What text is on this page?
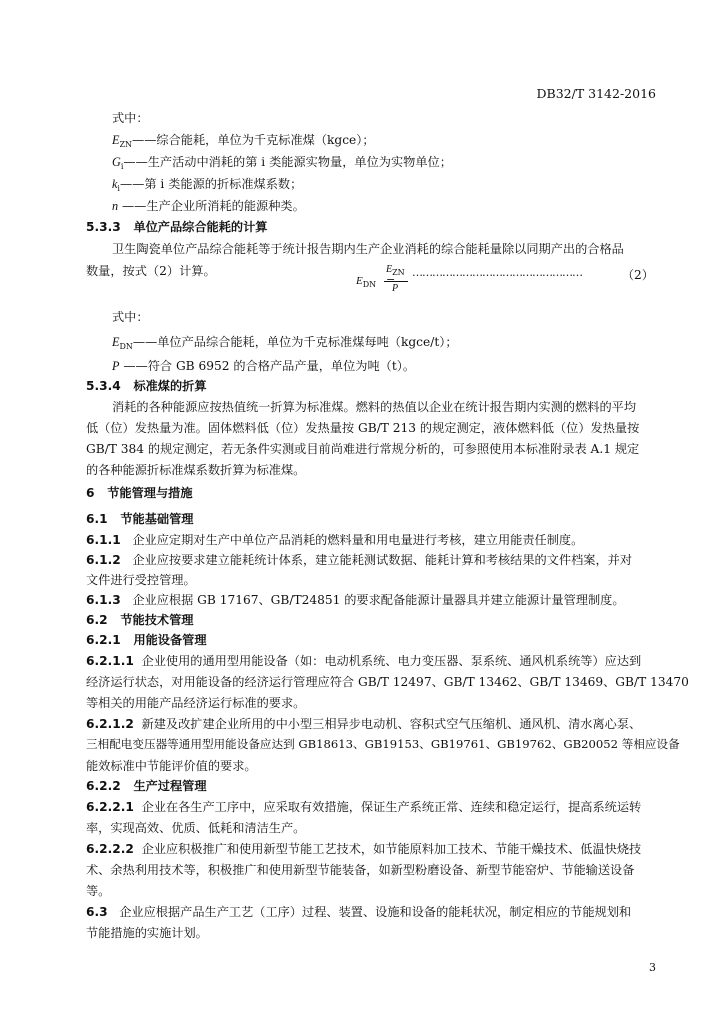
DB32/T 3142-2016
式中：
$E_{ZN}——$综合能耗，单位为千克标准煤（kgce）；
$G_i——$生产活动中消耗的第 i 类能源实物量，单位为实物单位；
$k_i——$第 i 类能源的折标准煤系数；
n ——生产企业所消耗的能源种类。
5.3.3 单位产品综合能耗的计算
卫生陶瓷单位产品综合能耗等于统计报告期内生产企业消耗的综合能耗量除以同期产出的合格品
数量，按式（2）计算。
$E_{DN}$
$E_{ZN}$
P
……………………………………………	（2）
式中：
$E_{DN}——$单位产品综合能耗，单位为千克标准煤每吨（kgce/t）；
P ——符合 GB 6952 的合格产品产量，单位为吨（t）。
5.3.4 标准煤的折算
消耗的各种能源应按热值统一折算为标准煤。燃料的热值以企业在统计报告期内实测的燃料的平均
低（位）发热量为准。固体燃料低（位）发热量按 GB/T 213 的规定测定，液体燃料低（位）发热量按
GB/T 384 的规定测定，若无条件实测或目前尚难进行常规分析的，可参照使用本标准附录表 A.1 规定
的各种能源折标准煤系数折算为标准煤。
6 节能管理与措施
6.1 节能基础管理
6.1.1 企业应定期对生产中单位产品消耗的燃料量和用电量进行考核，建立用能责任制度。
6.1.2 企业应按要求建立能耗统计体系，建立能耗测试数据、能耗计算和考核结果的文件档案，并对
文件进行受控管理。
6.1.3 企业应根据 GB 17167、GB/T24851 的要求配备能源计量器具并建立能源计量管理制度。
6.2 节能技术管理
6.2.1 用能设备管理
6.2.1.1 企业使用的通用型用能设备（如：电动机系统、电力变压器、泵系统、通风机系统等）应达到
经济运行状态，对用能设备的经济运行管理应符合 GB/T 12497、GB/T 13462、GB/T 13469、GB/T 13470
等相关的用能产品经济运行标准的要求。
6.2.1.2 新建及改扩建企业所用的中小型三相异步电动机、容积式空气压缩机、通风机、清水离心泵、
三相配电变压器等通用型用能设备应达到 GB18613、GB19153、GB19761、GB19762、GB20052 等相应设备
能效标准中节能评价值的要求。
6.2.2 生产过程管理
6.2.2.1 企业在各生产工序中，应采取有效措施，保证生产系统正常、连续和稳定运行，提高系统运转
率，实现高效、优质、低耗和清洁生产。
6.2.2.2 企业应积极推广和使用新型节能工艺技术，如节能原料加工技术、节能干燥技术、低温快烧技
术、余热利用技术等，积极推广和使用新型节能装备，如新型粉磨设备、新型节能窑炉、节能输送设备
等。
6.3 企业应根据产品生产工艺（工序）过程、装置、设施和设备的能耗状况，制定相应的节能规划和
节能措施的实施计划。
3
